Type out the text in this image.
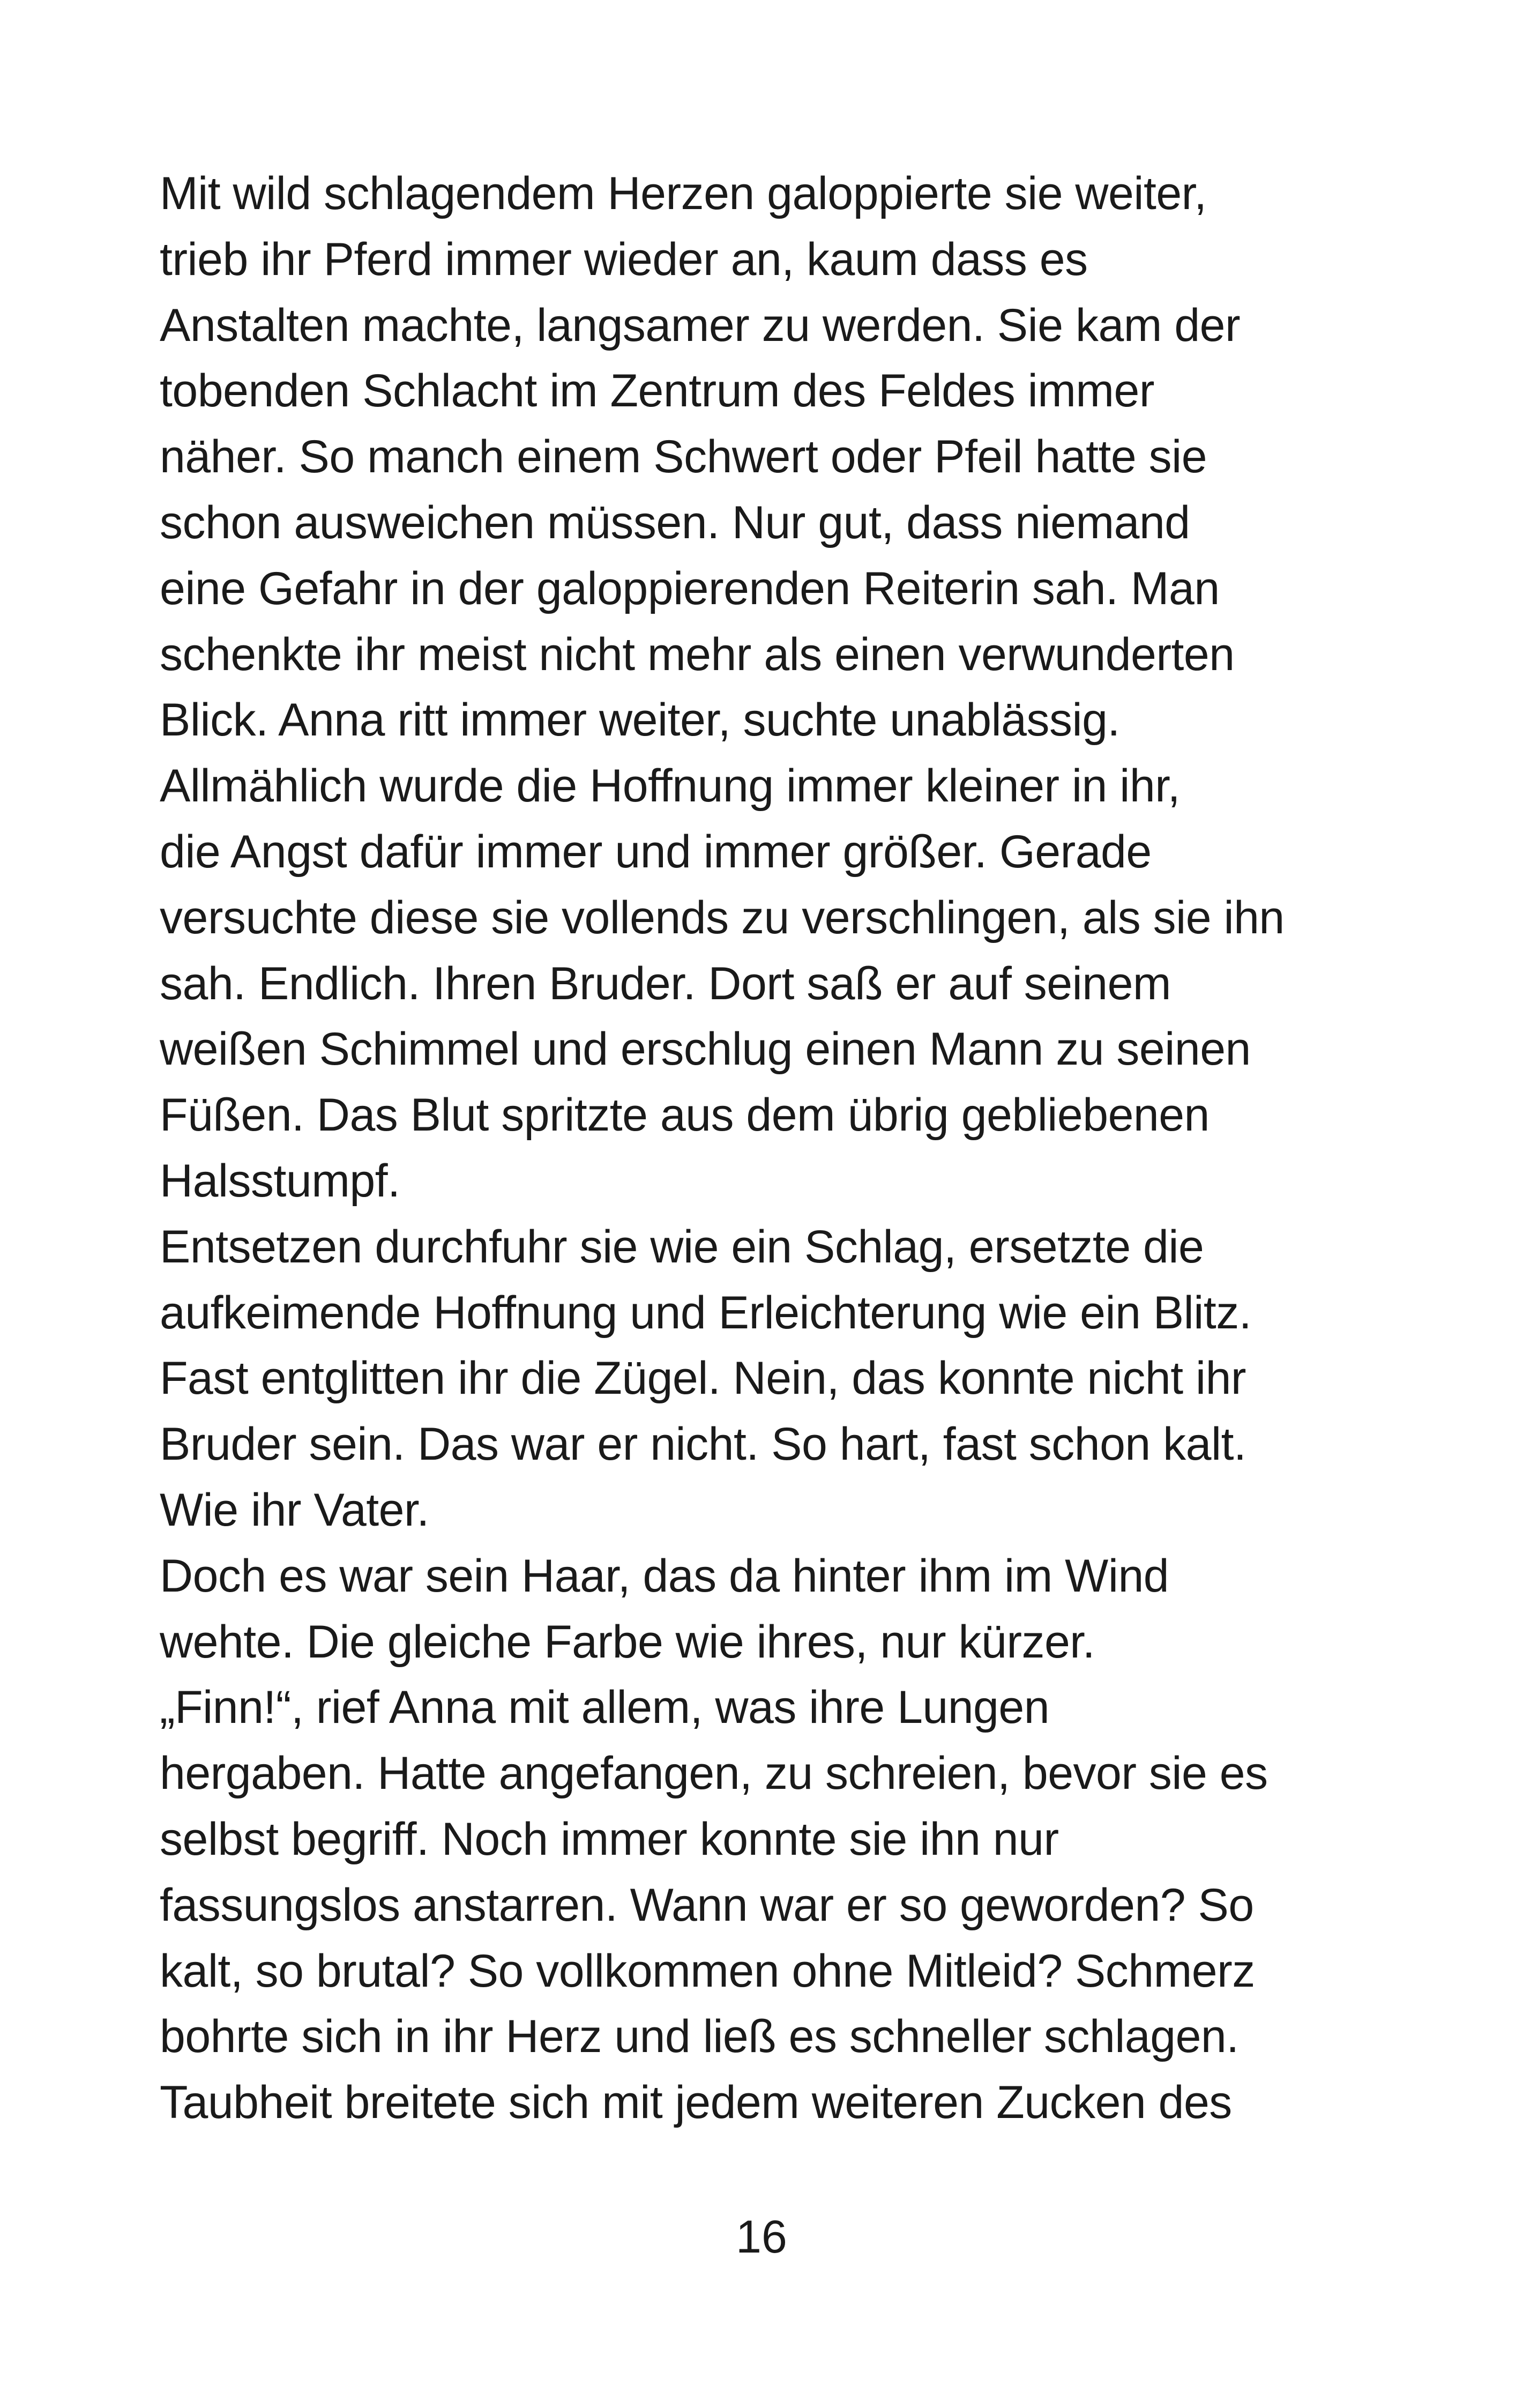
Mit wild schlagendem Herzen galoppierte sie weiter,
trieb ihr Pferd immer wieder an, kaum dass es
Anstalten machte, langsamer zu werden. Sie kam der
tobenden Schlacht im Zentrum des Feldes immer
näher. So manch einem Schwert oder Pfeil hatte sie
schon ausweichen müssen. Nur gut, dass niemand
eine Gefahr in der galoppierenden Reiterin sah. Man
schenkte ihr meist nicht mehr als einen verwunderten
Blick. Anna ritt immer weiter, suchte unablässig.
Allmählich wurde die Hoffnung immer kleiner in ihr,
die Angst dafür immer und immer größer. Gerade
versuchte diese sie vollends zu verschlingen, als sie ihn
sah. Endlich. Ihren Bruder. Dort saß er auf seinem
weißen Schimmel und erschlug einen Mann zu seinen
Füßen. Das Blut spritzte aus dem übrig gebliebenen
Halsstumpf.
Entsetzen durchfuhr sie wie ein Schlag, ersetzte die
aufkeimende Hoffnung und Erleichterung wie ein Blitz.
Fast entglitten ihr die Zügel. Nein, das konnte nicht ihr
Bruder sein. Das war er nicht. So hart, fast schon kalt.
Wie ihr Vater.
Doch es war sein Haar, das da hinter ihm im Wind
wehte. Die gleiche Farbe wie ihres, nur kürzer.
„Finn!“, rief Anna mit allem, was ihre Lungen
hergaben. Hatte angefangen, zu schreien, bevor sie es
selbst begriff. Noch immer konnte sie ihn nur
fassungslos anstarren. Wann war er so geworden? So
kalt, so brutal? So vollkommen ohne Mitleid? Schmerz
bohrte sich in ihr Herz und ließ es schneller schlagen.
Taubheit breitete sich mit jedem weiteren Zucken des
16
